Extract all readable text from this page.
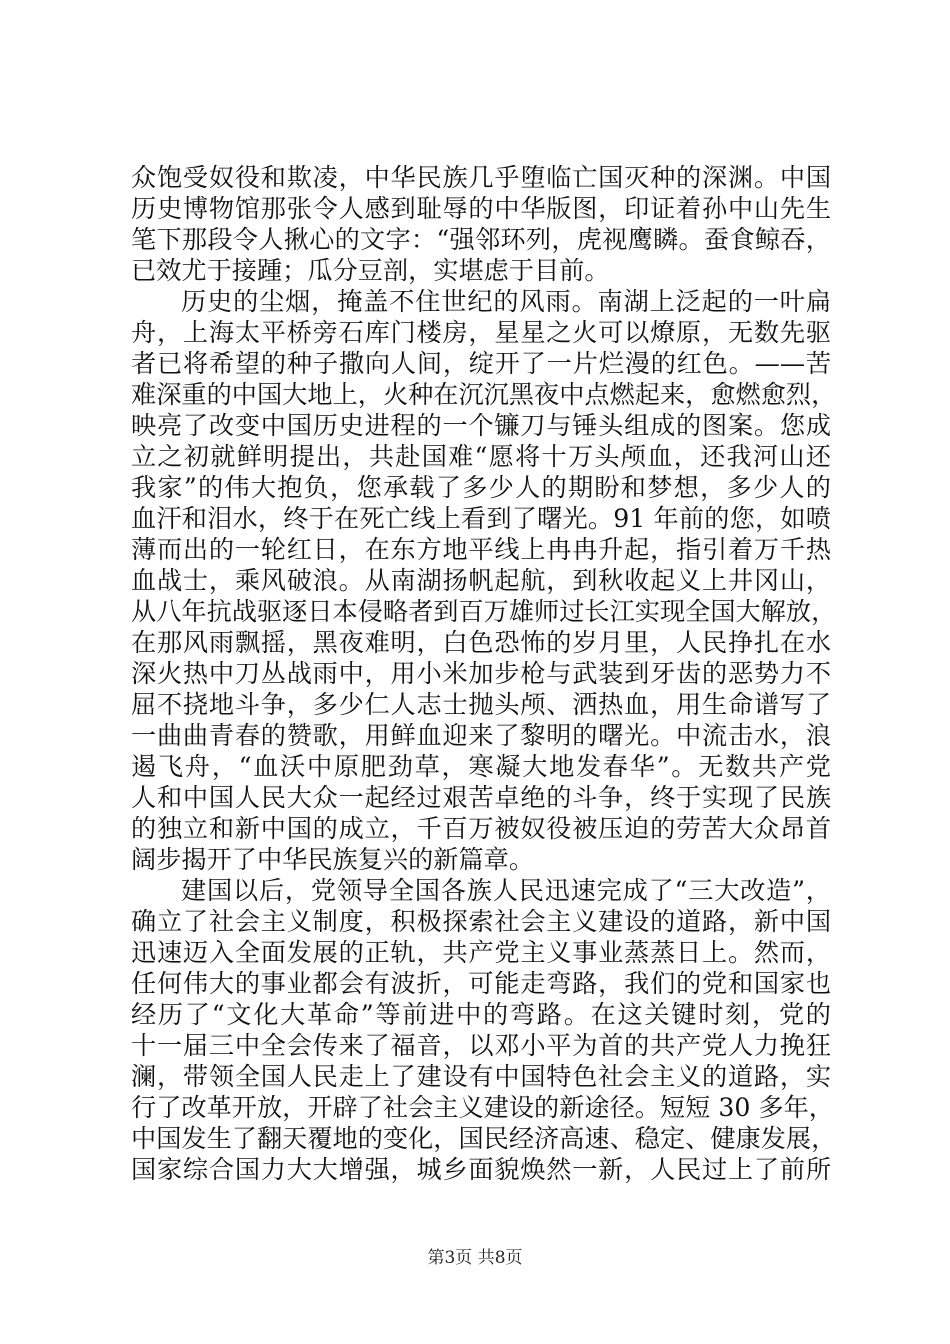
众饱受奴役和欺凌，中华民族几乎堕临亡国灭种的深渊。中国
历史博物馆那张令人感到耻辱的中华版图，印证着孙中山先生
笔下那段令人揪心的文字：“强邻环列，虎视鹰瞵。蚕食鲸吞，
已效尤于接踵；瓜分豆剖，实堪虑于目前。
历史的尘烟，掩盖不住世纪的风雨。南湖上泛起的一叶扁
舟，上海太平桥旁石库门楼房，星星之火可以燎原，无数先驱
者已将希望的种子撒向人间，绽开了一片烂漫的红色。——苦
难深重的中国大地上，火种在沉沉黑夜中点燃起来，愈燃愈烈，
映亮了改变中国历史进程的一个镰刀与锤头组成的图案。您成
立之初就鲜明提出，共赴国难“愿将十万头颅血，还我河山还
我家”的伟大抱负，您承载了多少人的期盼和梦想，多少人的
血汗和泪水，终于在死亡线上看到了曙光。91 年前的您，如喷
薄而出的一轮红日，在东方地平线上冉冉升起，指引着万千热
血战士，乘风破浪。从南湖扬帆起航，到秋收起义上井冈山，
从八年抗战驱逐日本侵略者到百万雄师过长江实现全国大解放，
在那风雨飘摇，黑夜难明，白色恐怖的岁月里，人民挣扎在水
深火热中刀丛战雨中，用小米加步枪与武装到牙齿的恶势力不
屈不挠地斗争，多少仁人志士抛头颅、洒热血，用生命谱写了
一曲曲青春的赞歌，用鲜血迎来了黎明的曙光。中流击水，浪
遏飞舟，“血沃中原肥劲草，寒凝大地发春华”。无数共产党
人和中国人民大众一起经过艰苦卓绝的斗争，终于实现了民族
的独立和新中国的成立，千百万被奴役被压迫的劳苦大众昂首
阔步揭开了中华民族复兴的新篇章。
建国以后，党领导全国各族人民迅速完成了“三大改造”，
确立了社会主义制度，积极探索社会主义建设的道路，新中国
迅速迈入全面发展的正轨，共产党主义事业蒸蒸日上。然而，
任何伟大的事业都会有波折，可能走弯路，我们的党和国家也
经历了“文化大革命”等前进中的弯路。在这关键时刻，党的
十一届三中全会传来了福音，以邓小平为首的共产党人力挽狂
澜，带领全国人民走上了建设有中国特色社会主义的道路，实
行了改革开放，开辟了社会主义建设的新途径。短短 30 多年，
中国发生了翻天覆地的变化，国民经济高速、稳定、健康发展，
国家综合国力大大增强，城乡面貌焕然一新，人民过上了前所
第3页 共8页
